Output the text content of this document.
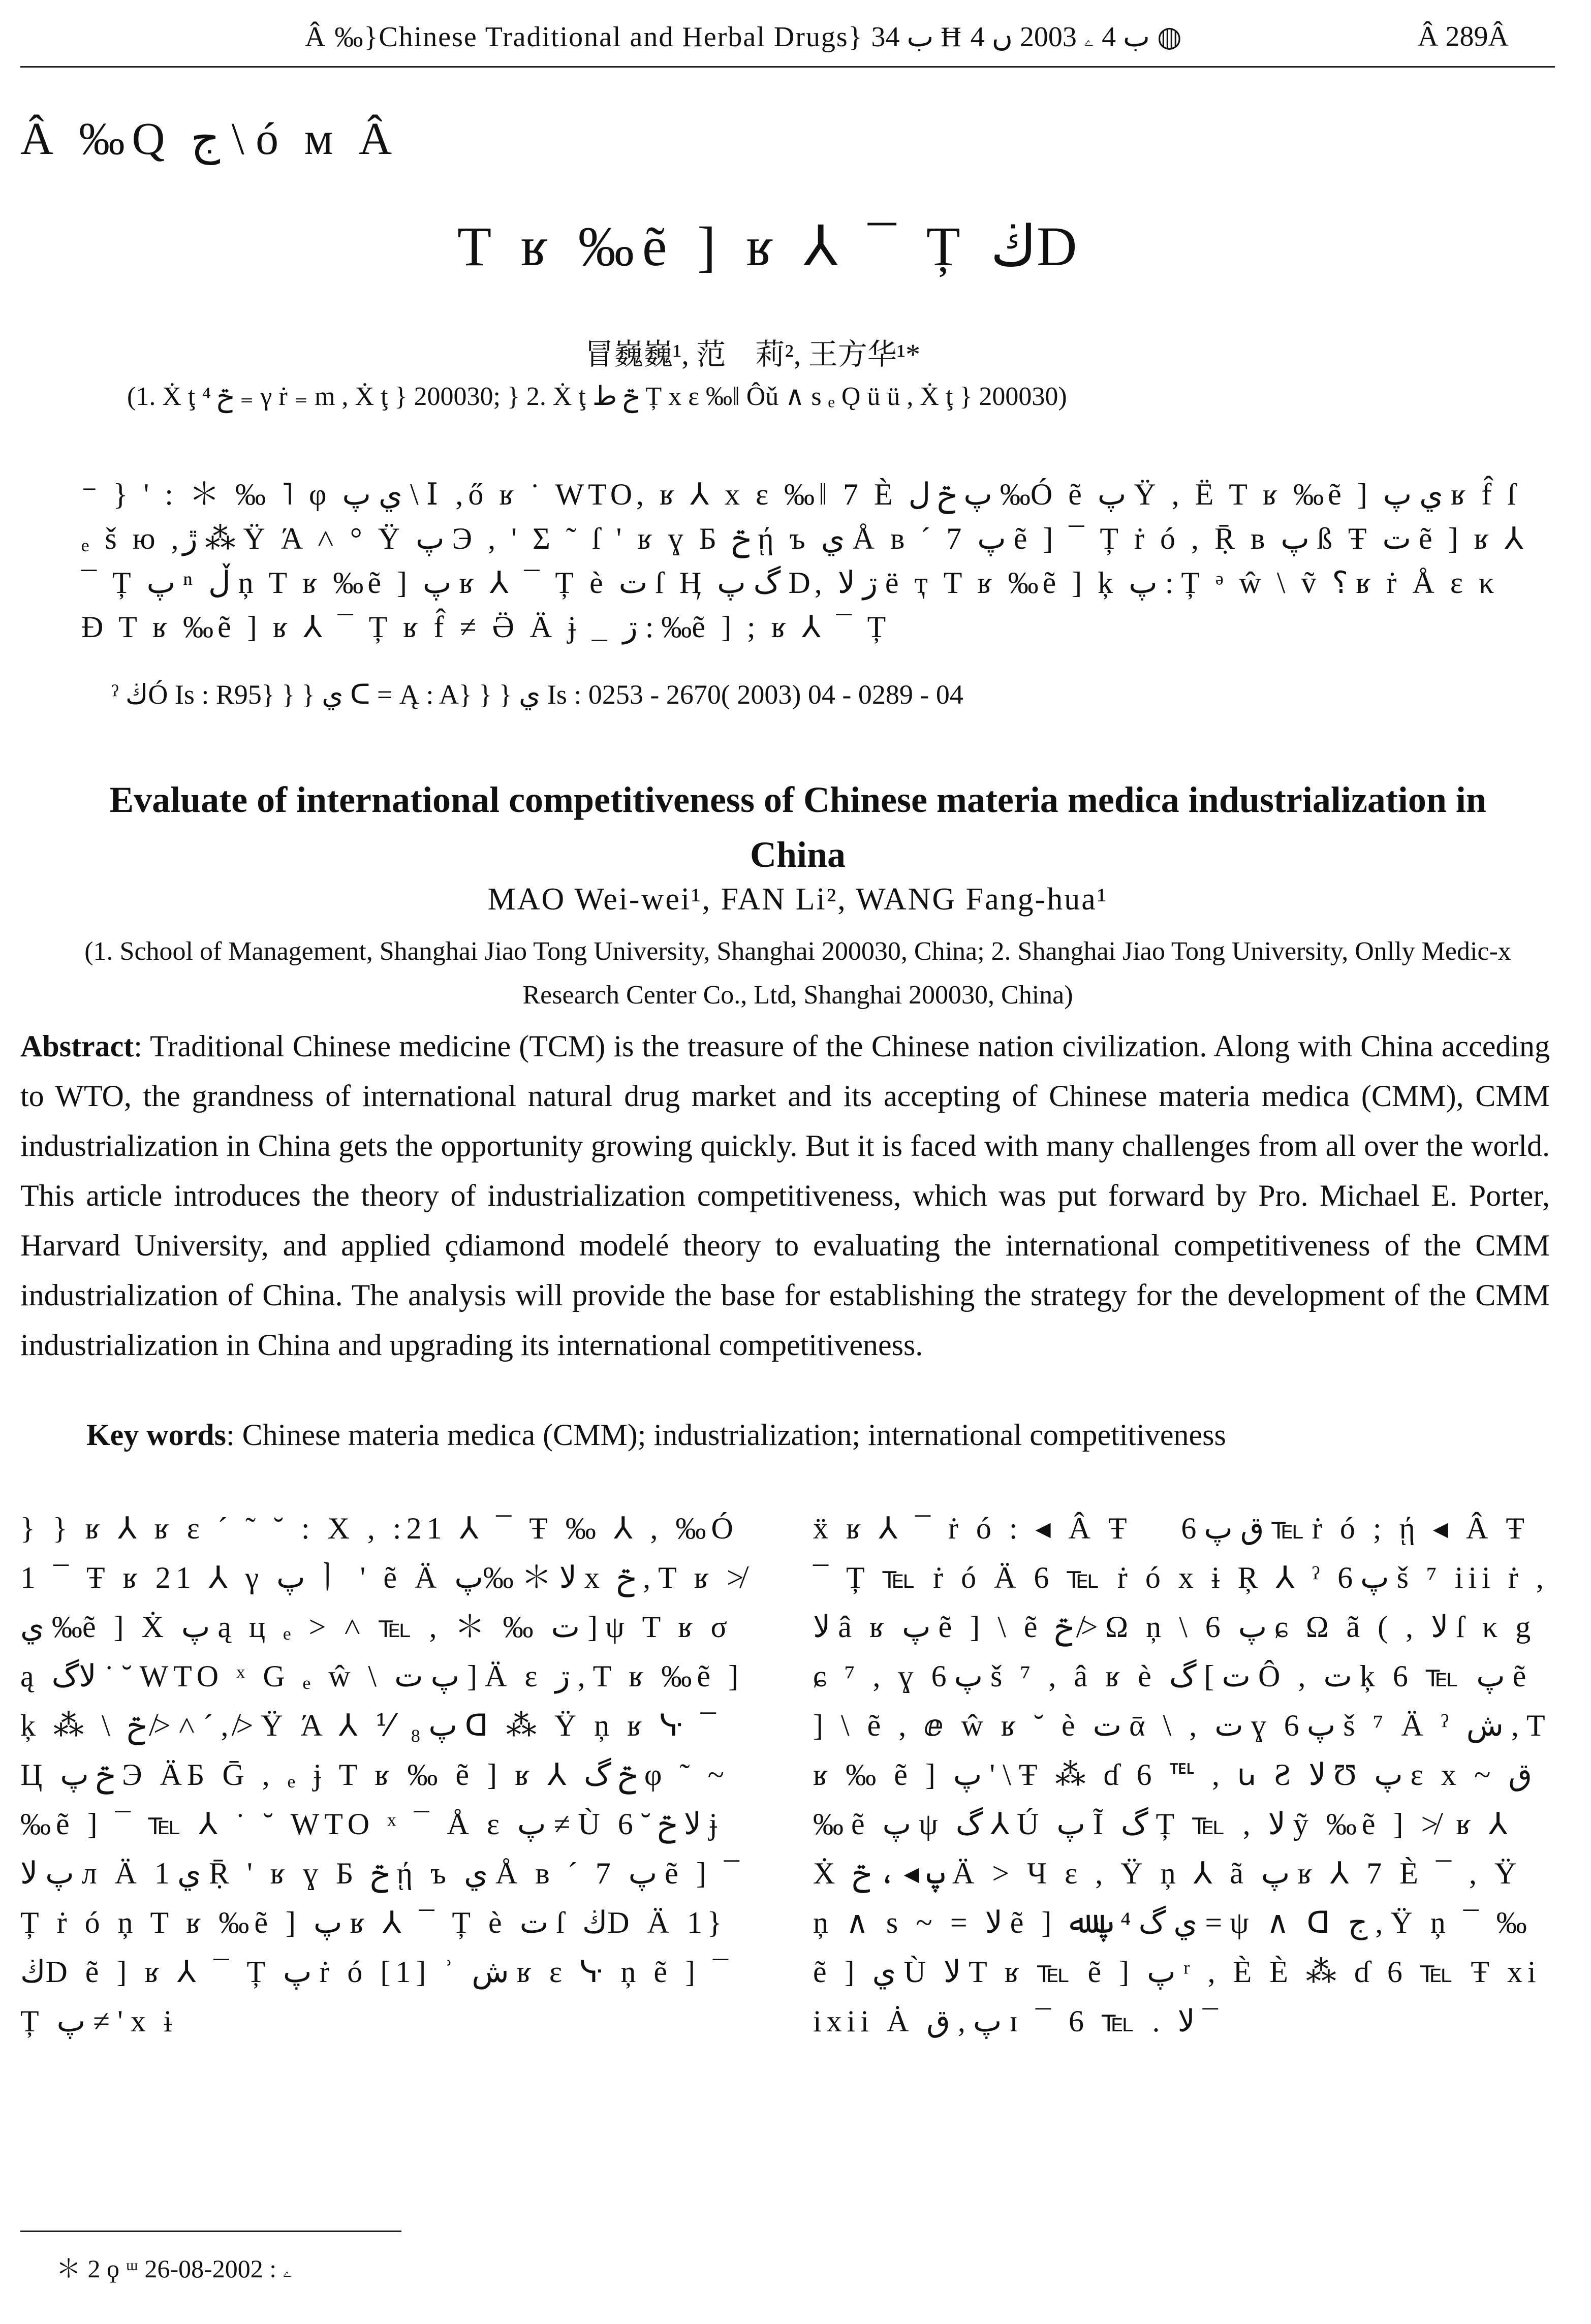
Â ‰}Chinese Traditional and Herbal Drugs} ب 34 Ħ ب 4 ۦ 2003 ں 4 ◍	Â 289Â
Â ‰Q ج \ ó м Â
T ʁ ‰ẽ ] ʁ ⅄ ¯ Ț ڬD
冒巍巍¹, 范　莉², 王方华¹*
(1. Ẋ ţ ⁴ ݗ ₌ γ ṙ ₌ m , Ẋ ţ } 200030; } 2. Ẋ ţ ݗ ط Ț x ɛ ‰‖ Ôǔ ∧ s ₑ Ǫ ü ü , Ẋ ţ } 200030)
⁻ } ' : ＊ ‰ ˥ φ ي پ \ Ⅰ ‚ő ʁ ˙ WTO, ʁ ⅄ x ɛ ‰‖ 7 È پ ݗ ﻝ ‰Ó ẽ پ Ÿ , Ë T ʁ ‰ẽ ] ي پ ʁ f̂ ſ ₑ š ю ,ڙ ⁂ Ÿ Ά ˄ ° Ÿ پ Э , ' Ʃ ˜ ſ ' ʁ ɣ Б ݗ ῄ ъ ي Å ʙ ´ 7 پ ẽ ] ¯ Ț ṙ ó , Ṝ ʙ پ ß Ŧ ت ẽ ] ʁ ⅄ ¯ Ț پ ⁿ ڵ ņ T ʁ ‰ẽ ] پ ʁ ⅄ ¯ Ț è ت ſ Ӊ گ پ D, ڗ ﻻ ë ҭ T ʁ ‰ẽ ] ķ پ : Ț ᵊ ŵ \ ṽ ؟ ʁ ṙ Å ɛ κ Ð T ʁ ‰ẽ ] ʁ ⅄ ¯ Ț ʁ f̂ ≠ Ӛ Ä ɉ _ ڗ : ‰ẽ ] ; ʁ ⅄ ¯ Ț
ˀ ڬÓ Is : R95} } } ي ᑕ = Ą : A} } } ي Is : 0253 - 2670( 2003) 04 - 0289 - 04
Evaluate of international competitiveness of Chinese materia medica industrialization in China
MAO Wei-wei¹, FAN Li², WANG Fang-hua¹
(1. School of Management, Shanghai Jiao Tong University, Shanghai 200030, China; 2. Shanghai Jiao Tong University, Onlly Medic-x Research Center Co., Ltd, Shanghai 200030, China)
Abstract: Traditional Chinese medicine (TCM) is the treasure of the Chinese nation civilization. Along with China acceding to WTO, the grandness of international natural drug market and its accepting of Chinese materia medica (CMM), CMM industrialization in China gets the opportunity growing quickly. But it is faced with many challenges from all over the world. This article introduces the theory of industrialization competitiveness, which was put forward by Pro. Michael E. Porter, Harvard University, and applied çdiamond modelé theory to evaluating the international competitiveness of the CMM industrialization of China. The analysis will provide the base for establishing the strategy for the development of the CMM industrialization in China and upgrading its international competitiveness.
Key words: Chinese materia medica (CMM); industrialization; international competitiveness
} } ʁ ⅄ ʁ ɛ ´ ˜ ˘ : X , :21 ⅄ ¯ Ŧ ‰ ⅄ , ‰Ó 1 ¯ Ŧ ʁ 21 ⅄ γ پ ㅣ ' ẽ Ä ﻻ ＊ ‰پ x ݗ , T ʁ ≯ ي ‰ẽ ] Ẋ پ ą ц ₑ > ˄ ℡ , ＊ ‰ ت ] ψ T ʁ σ ą ﻻگ ˙ ˘ WTO ˣ G ₑ ŵ \ پ ت ] Ä ɛ ڗ , T ʁ ‰ẽ ] ķ ⁂ \ ݗ ≯ ˄ ´ , ≯ Ÿ Ά ⅄ ⅟ پ ₈ ᗡ ⁂ Ÿ ņ ʁ ᓷ ¯ Ц ݗ پ Э ÄБ Ḡ , ₑ ɉ T ʁ ‰ ẽ ] ʁ ⅄ ݗ گ φ ˜ ~ ‰ẽ ] ¯ ℡ ⅄ ˙ ˘ WTO ˣ ¯ Å ɛ پ ≠ Ù ﻻ ݗ ˘ 6 ɉ پ ﻻ л Ä ي 1 Ṝ ' ʁ ɣ Б ݗ ῄ ъ ي Å ʙ ´ 7 پ ẽ ] ¯ Ț ṙ ó ņ T ʁ ‰ẽ ] پ ʁ ⅄ ¯ Ț è ت ſ ڬD Ä 1} ڬD ẽ ] ʁ ⅄ ¯ Ț پ ṙ ó [1] ʾ ش ʁ ɛ ᓷ ņ ẽ ] ¯ Ț پ ≠ ' x ɨ
ẍ ʁ ⅄ ¯ ṙ ó : ◂ Â Ŧ ゙ ق پ 6 ℡ ṙ ó ; ῄ ◂ Â Ŧ ¯ Ț ℡ ṙ ó Ä 6 ℡ ṙ ó x ɨ Ŗ ⅄ ˀ پ 6 š ⁷ iii ṙ , ﻻ â ʁ پ ẽ ] \ ẽ ݗ ≯ Ω ņ \ 6 پ ɕ Ω ã ( , ﻻ ſ κ g ɕ ⁷ , ɣ پ 6 š ⁷ , â ʁ è ت ] گ Ô , ت ķ 6 ℡ پ ẽ ] \ ẽ , ⅇ ŵ ʁ ˘ è ت ᾱ \ , ت ɣ پ 6 š ⁷ Ä ˀ ش , T ʁ ‰ ẽ ] پ ' \ Ŧ ⁂ ɗ 6 ℡ , ꭎ Ƨ ﻻ Ʊ پ ɛ x ~ ق ‰ ẽ پ ψ گ ⅄ Ú پ Ĩ گ Ț ℡ , ﻻ ỹ ‰ẽ ] ≯ ʁ ⅄ Ẋ پ ◂ ، ݗ Ä > Ч ɛ , Ÿ ņ ⅄ ã پ ʁ ⅄ 7 È ¯ , Ÿ ņ ∧ s ~ = ﻻ ẽ ] ي گ ⁴ پ ﷲ = ψ ∧ ᗡ ج , Ÿ ņ ¯ ‰ ẽ ] ي Ù ﻻ T ʁ ℡ ẽ ] پ ʳ , È È ⁂ ɗ 6 ℡ Ŧ xiixii Ȧ پ , ق ɪ ¯ 6 ℡ . ﻻ ¯
＊ 2 ϙ ᵚ ۦ : 2002-08-26
